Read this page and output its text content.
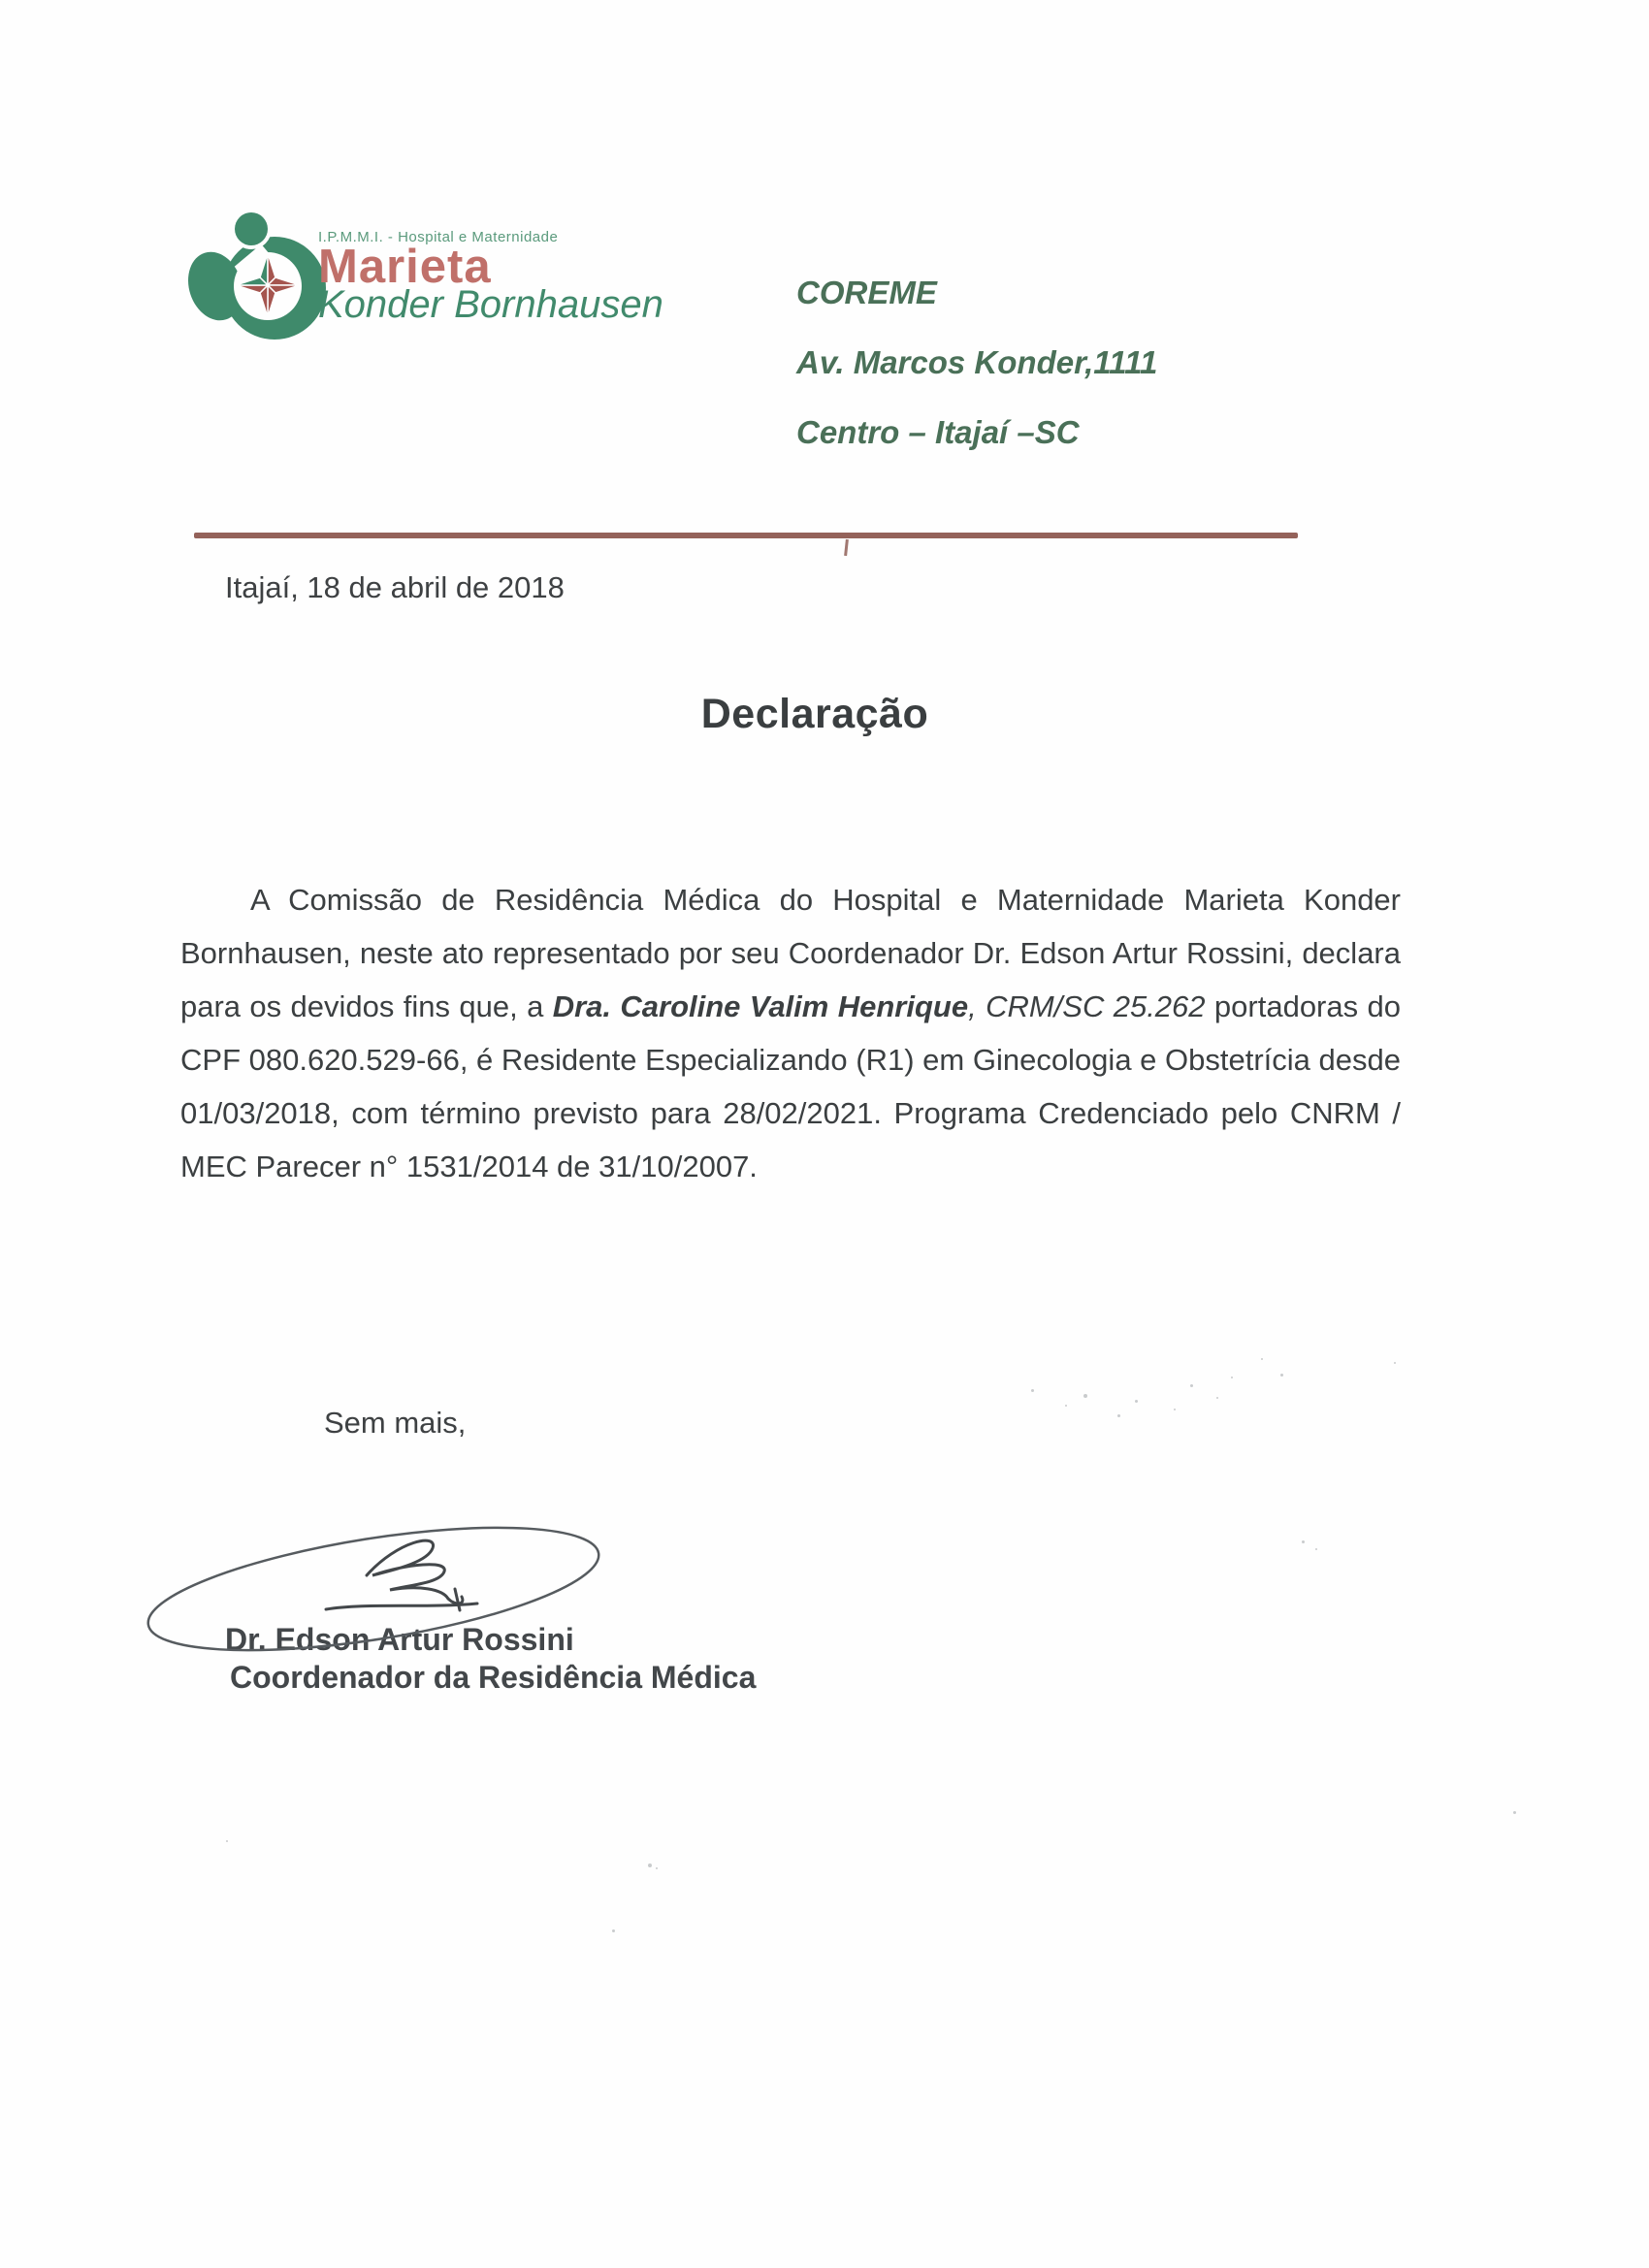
I.P.M.M.I. - Hospital e Maternidade
Marieta
Konder Bornhausen	COREME
Av. Marcos Konder,1111
Centro – Itajaí –SC
Itajaí, 18 de abril de 2018
Declaração

A Comissão de Residência Médica do Hospital e Maternidade Marieta Konder Bornhausen, neste ato representado por seu Coordenador Dr. Edson Artur Rossini, declara para os devidos fins que, a Dra. Caroline Valim Henrique, CRM/SC 25.262 portadoras do CPF 080.620.529-66, é Residente Especializando (R1) em Ginecologia e Obstetrícia desde 01/03/2018, com término previsto para 28/02/2021. Programa Credenciado pelo CNRM / MEC Parecer n° 1531/2014 de 31/10/2007.

Sem mais,
Dr. Edson Artur Rossini
Coordenador da Residência Médica
